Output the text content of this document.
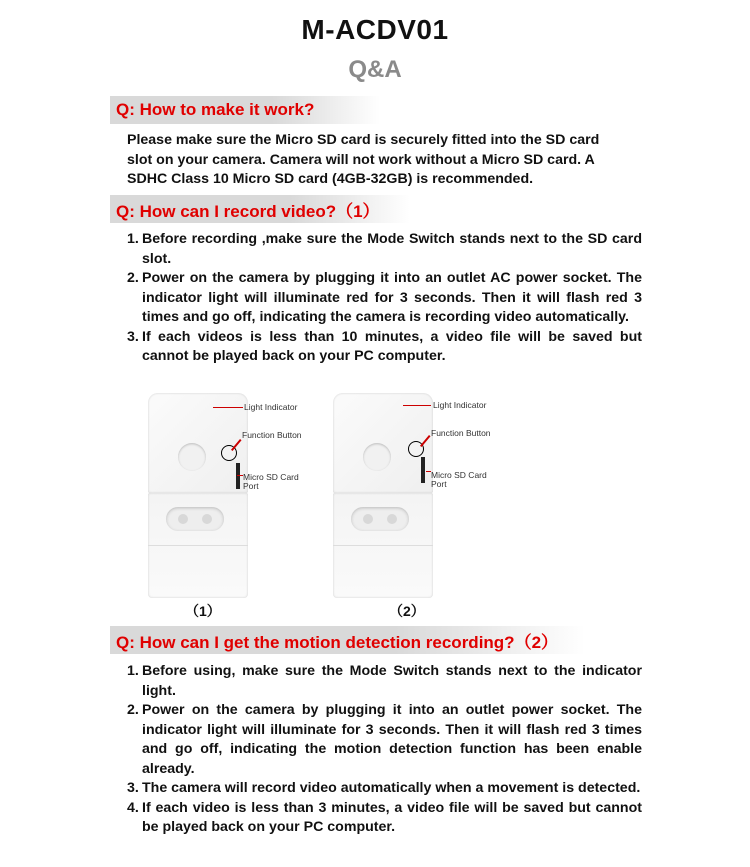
M-ACDV01
Q&A
Q: How to make it work?
Please make sure the Micro SD card is securely fitted into the SD card
slot on your camera. Camera will not work without a Micro SD card. A
SDHC Class 10 Micro SD card (4GB-32GB) is recommended.
Q: How can I record video?（1）
1. Before recording ,make sure the Mode Switch stands next to the SD card slot.
2. Power on the camera by plugging it into an outlet AC power socket. The indicator light will illuminate red for 3 seconds. Then it will flash red 3 times and go off, indicating the camera is recording video automatically.
3. If each videos is less than 10 minutes, a video file will be saved but cannot be played back on your PC computer.
Light Indicator
Function Button
Micro SD Card
Port
Light Indicator
Function Button
Micro SD Card
Port
（1）	（2）
Q: How can I get the motion detection recording?（2）
1. Before using, make sure the Mode Switch stands next to the indicator light.
2. Power on the camera by plugging it into an outlet power socket. The indicator light will illuminate for 3 seconds. Then it will flash red 3 times and go off, indicating the motion detection function has been enable already.
3. The camera will record video automatically when a movement is detected.
4. If each video is less than 3 minutes, a video file will be saved but cannot be played back on your PC computer.
